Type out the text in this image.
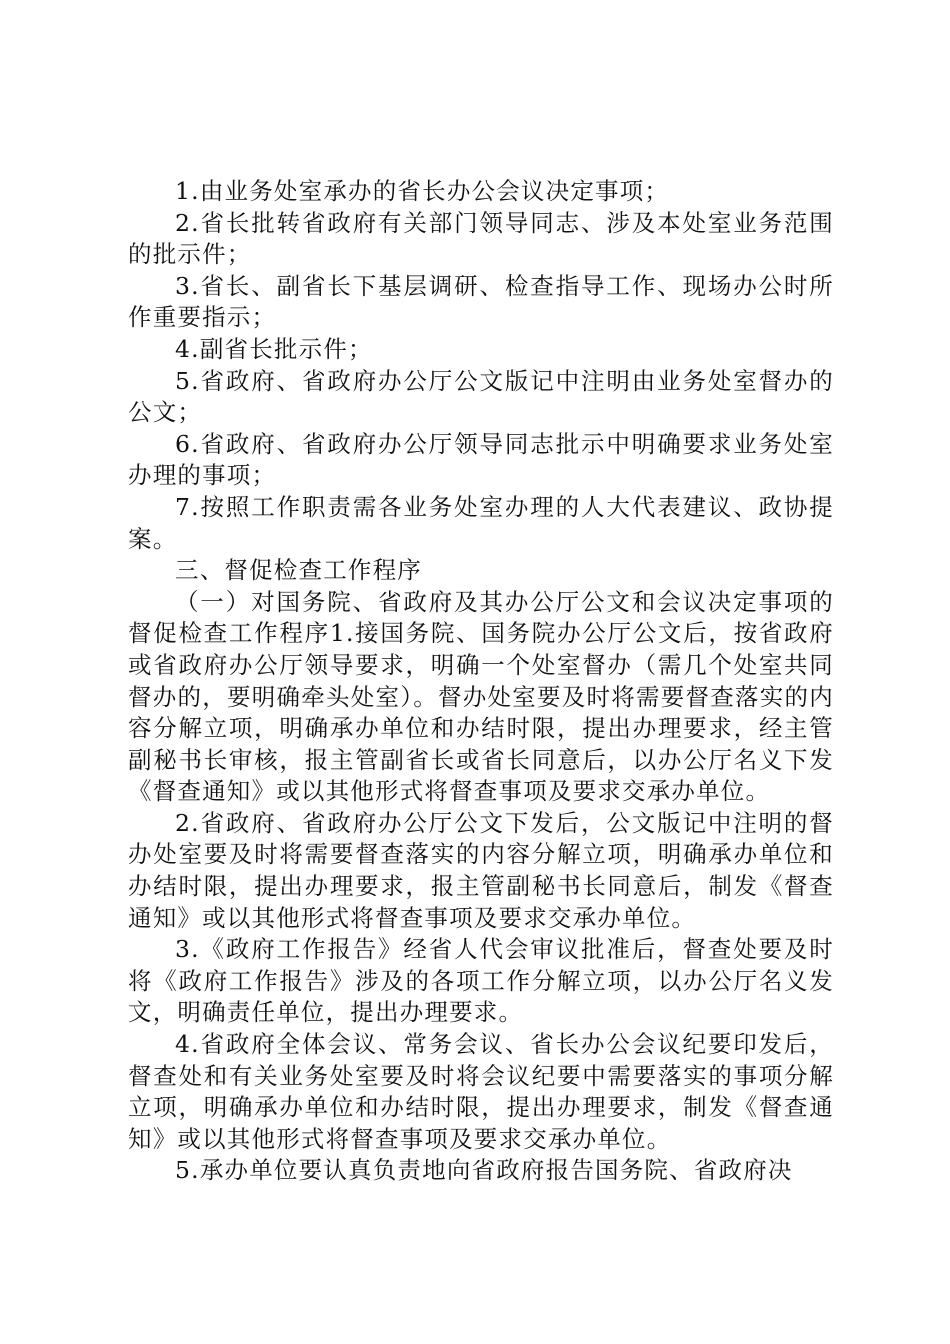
1.由业务处室承办的省长办公会议决定事项；

2.省长批转省政府有关部门领导同志、涉及本处室业务范围的批示件；

3.省长、副省长下基层调研、检查指导工作、现场办公时所作重要指示；

4.副省长批示件；

5.省政府、省政府办公厅公文版记中注明由业务处室督办的公文；

6.省政府、省政府办公厅领导同志批示中明确要求业务处室办理的事项；

7.按照工作职责需各业务处室办理的人大代表建议、政协提案。

三、督促检查工作程序

（一）对国务院、省政府及其办公厅公文和会议决定事项的督促检查工作程序1.接国务院、国务院办公厅公文后，按省政府或省政府办公厅领导要求，明确一个处室督办（需几个处室共同督办的，要明确牵头处室）。督办处室要及时将需要督查落实的内容分解立项，明确承办单位和办结时限，提出办理要求，经主管副秘书长审核，报主管副省长或省长同意后，以办公厅名义下发《督查通知》或以其他形式将督查事项及要求交承办单位。

2.省政府、省政府办公厅公文下发后，公文版记中注明的督办处室要及时将需要督查落实的内容分解立项，明确承办单位和办结时限，提出办理要求，报主管副秘书长同意后，制发《督查通知》或以其他形式将督查事项及要求交承办单位。

3.《政府工作报告》经省人代会审议批准后，督查处要及时将《政府工作报告》涉及的各项工作分解立项，以办公厅名义发文，明确责任单位，提出办理要求。

4.省政府全体会议、常务会议、省长办公会议纪要印发后，督查处和有关业务处室要及时将会议纪要中需要落实的事项分解立项，明确承办单位和办结时限，提出办理要求，制发《督查通知》或以其他形式将督查事项及要求交承办单位。

5.承办单位要认真负责地向省政府报告国务院、省政府决
